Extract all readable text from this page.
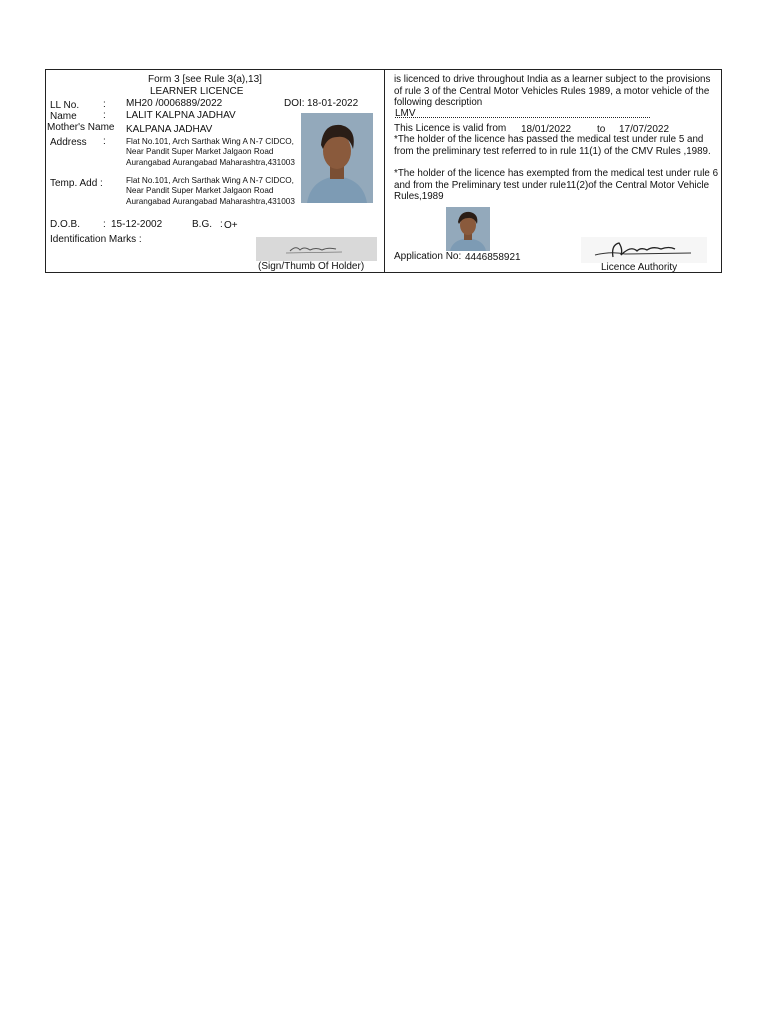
Form 3 [see Rule 3(a),13]
LEARNER LICENCE
LL No. : MH20 /0006889/2022	DOI: 18-01-2022
Name	: LALIT KALPNA JADHAV
Mother's Name KALPANA JADHAV
Address : Flat No.101, Arch Sarthak Wing A N-7 CIDCO, Near Pandit Super Market Jalgaon Road Aurangabad Aurangabad Maharashtra,431003
Temp. Add :	Flat No.101, Arch Sarthak Wing A N-7 CIDCO, Near Pandit Super Market Jalgaon Road Aurangabad Aurangabad Maharashtra,431003
D.O.B. : 15-12-2002	B.G. : O+
Identification Marks :
(Sign/Thumb Of Holder)
is licenced to drive throughout India as a learner subject to the provisions of rule 3 of the Central Motor Vehicles Rules 1989, a motor vehicle of the following description
LMV
This Licence is valid from 18/01/2022	to 17/07/2022
*The holder of the licence has passed the medical test under rule 5 and from the preliminary test referred to in rule 11(1) of the CMV Rules ,1989.
*The holder of the licence has exempted from the medical test under rule 6 and from the Preliminary test under rule11(2)of the Central Motor Vehicle Rules,1989
Application No: 4446858921
Licence Authority
